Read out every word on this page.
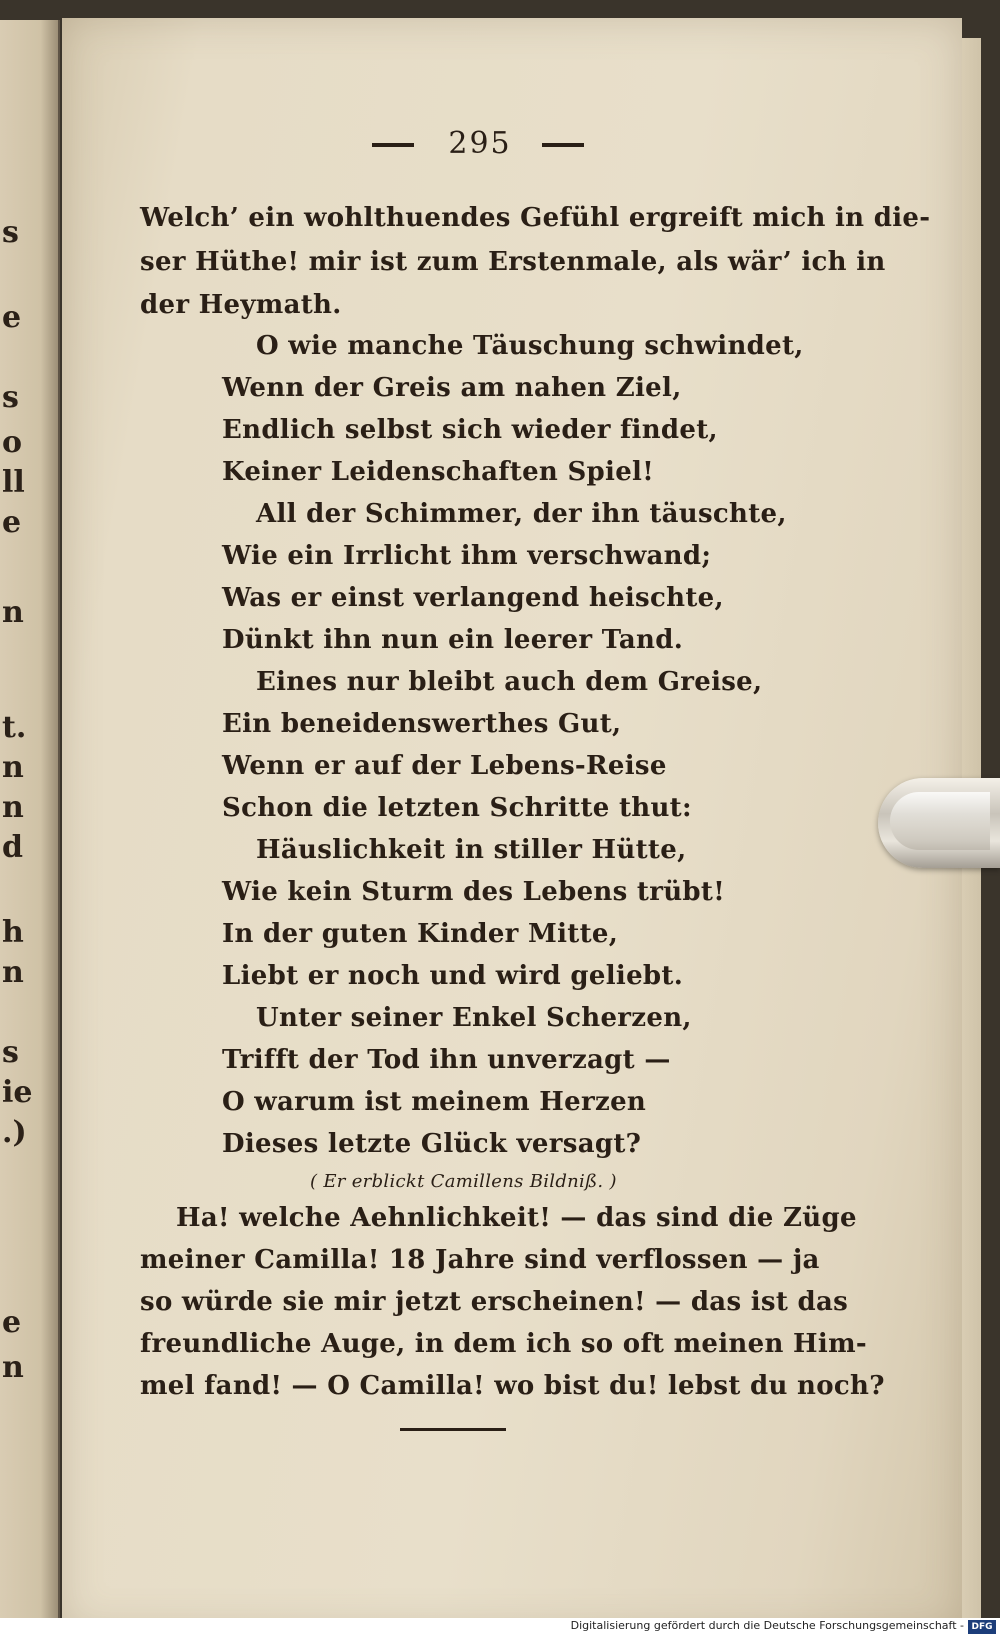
s
e
s
o
ll
e
n
t.
n
n
d
h
n
s
ie
.)
e
n
295
Welch’ ein wohlthuendes Gefühl ergreift mich in die-
ser Hüthe! mir ist zum Erstenmale, als wär’ ich in
der Heymath.
O wie manche Täuschung schwindet,
Wenn der Greis am nahen Ziel,
Endlich selbst sich wieder findet,
Keiner Leidenschaften Spiel!
All der Schimmer, der ihn täuschte,
Wie ein Irrlicht ihm verschwand;
Was er einst verlangend heischte,
Dünkt ihn nun ein leerer Tand.
Eines nur bleibt auch dem Greise,
Ein beneidenswerthes Gut,
Wenn er auf der Lebens-Reise
Schon die letzten Schritte thut:
Häuslichkeit in stiller Hütte,
Wie kein Sturm des Lebens trübt!
In der guten Kinder Mitte,
Liebt er noch und wird geliebt.
Unter seiner Enkel Scherzen,
Trifft der Tod ihn unverzagt —
O warum ist meinem Herzen
Dieses letzte Glück versagt?
( Er erblickt Camillens Bildniß. )
Ha! welche Aehnlichkeit! — das sind die Züge
meiner Camilla! 18 Jahre sind verflossen — ja
so würde sie mir jetzt erscheinen! — das ist das
freundliche Auge, in dem ich so oft meinen Him-
mel fand! — O Camilla! wo bist du! lebst du noch?
Digitalisierung gefördert durch die Deutsche Forschungsgemeinschaft - DFG
